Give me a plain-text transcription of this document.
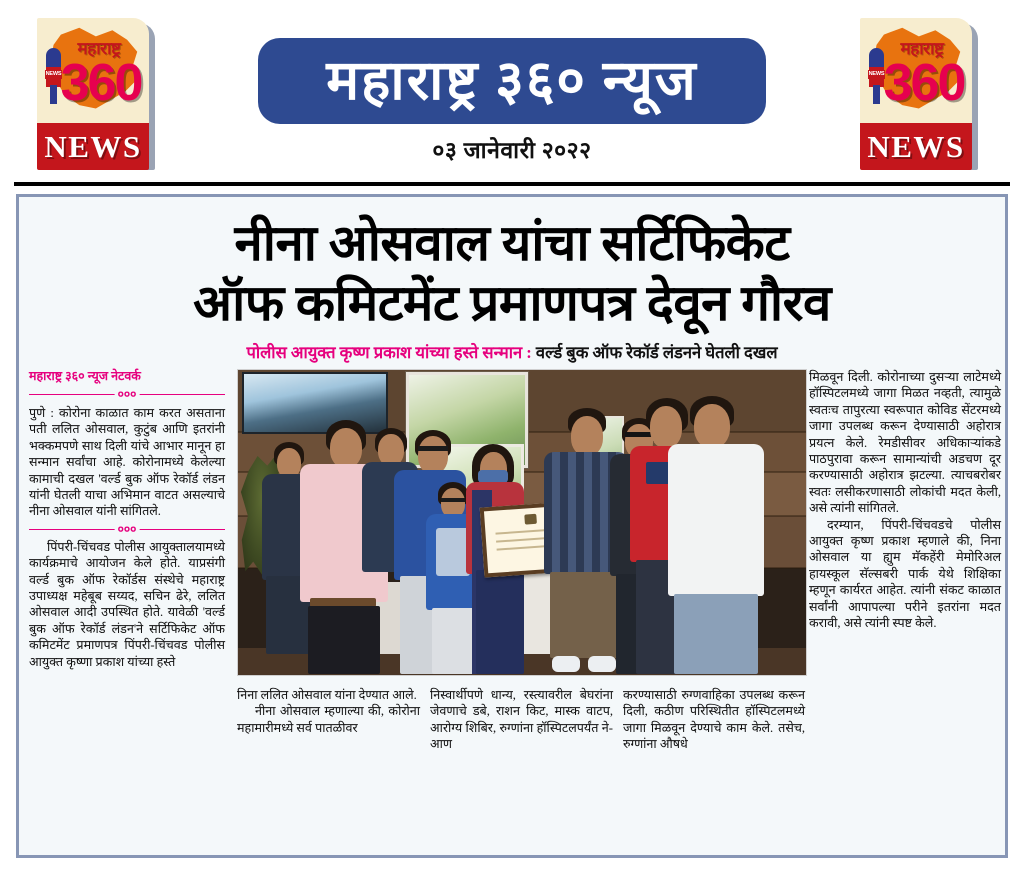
NEWS
महाराष्ट्र
360
NEWS
महाराष्ट्र ३६० न्यूज
०३ जानेवारी २०२२
NEWS
महाराष्ट्र
360
NEWS
नीना ओसवाल यांचा सर्टिफिकेट
ऑफ कमिटमेंट प्रमाणपत्र देवून गौरव
पोलीस आयुक्त कृष्ण प्रकाश यांच्या हस्ते सन्मान : वर्ल्ड बुक ऑफ रेकॉर्ड लंडनने घेतली दखल
महाराष्ट्र ३६० न्यूज नेटवर्क
०००

पुणे : कोरोना काळात काम करत असताना पती ललित ओसवाल, कुटुंब आणि इतरांनी भक्कमपणे साथ दिली यांचे आभार मानून हा सन्मान सर्वांचा आहे. कोरोनामध्ये केलेल्या कामाची दखल 'वर्ल्ड बुक ऑफ रेकॉर्ड लंडन यांनी घेतली याचा अभिमान वाटत असल्याचे नीना ओसवाल यांनी सांगितले.

०००

पिंपरी-चिंचवड पोलीस आयुक्तालयामध्ये कार्यक्रमाचे आयोजन केले होते. याप्रसंगी वर्ल्ड बुक ऑफ रेकॉर्डस संस्थेचे महाराष्ट्र उपाध्यक्ष महेबूब सय्यद, सचिन ढेरे, ललित ओसवाल आदी उपस्थित होते. यावेळी 'वर्ल्ड बुक ऑफ रेकॉर्ड लंडन'ने सर्टिफिकेट ऑफ कमिटमेंट प्रमाणपत्र पिंपरी-चिंचवड पोलीस आयुक्त कृष्णा प्रकाश यांच्या हस्ते

मिळवून दिली. कोरोनाच्या दुसऱ्या लाटेमध्ये हॉस्पिटलमध्ये जागा मिळत नव्हती, त्यामुळे स्वतःच तापुरत्या स्वरूपात कोविड सेंटरमध्ये जागा उपलब्ध करून देण्यासाठी अहोरात्र प्रयत्न केले. रेमडीसीवर अधिकाऱ्यांकडे पाठपुरावा करून सामान्यांची अडचण दूर करण्यासाठी अहोरात्र झटल्या. त्याचबरोबर स्वतः लसीकरणासाठी लोकांची मदत केली, असे त्यांनी सांगितले.

दरम्यान, पिंपरी-चिंचवडचे पोलीस आयुक्त कृष्ण प्रकाश म्हणाले की, निना ओसवाल या ह्युम मॅकहेंरी मेमोरिअल हायस्कूल सॅल्सबरी पार्क येथे शिक्षिका म्हणून कार्यरत आहेत. त्यांनी संकट काळात सर्वांनी आपापल्या परीने इतरांना मदत करावी, असे त्यांनी स्पष्ट केले.

निना ललित ओसवाल यांना देण्यात आले.

नीना ओसवाल म्हणाल्या की, कोरोना महामारीमध्ये सर्व पातळीवर

निस्वार्थीपणे धान्य, रस्त्यावरील बेघरांना जेवणाचे डबे, राशन किट, मास्क वाटप, आरोग्य शिबिर, रुग्णांना हॉस्पिटलपर्यंत ने-आण

करण्यासाठी रुग्णवाहिका उपलब्ध करून दिली, कठीण परिस्थितीत हॉस्पिटलमध्ये जागा मिळवून देण्याचे काम केले. तसेच, रुग्णांना औषधे
